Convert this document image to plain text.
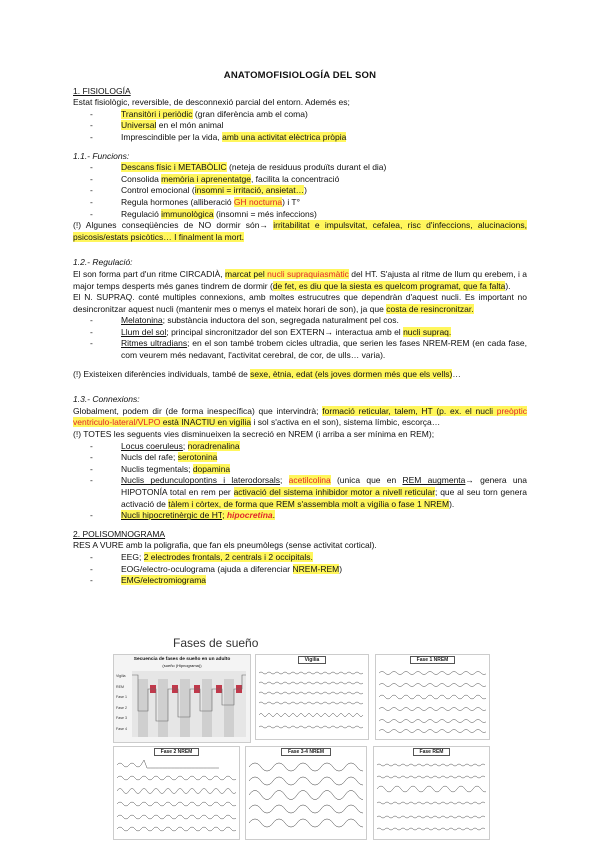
ANATOMOFISIOLOGÍA DEL SON
1. FISIOLOGÍA
Estat fisiològic, reversible, de desconnexió parcial del entorn. Ademés es;
- Transitòri i periòdic (gran diferència amb el coma)
- Universal en el món animal
- Imprescindible per la vida, amb una activitat elèctrica pròpia
1.1.- Funcions:
- Descans físic i METABÒLIC (neteja de residuus produïts durant el dia)
- Consolida memòria i aprenentatge, facilita la concentració
- Control emocional (insomni = irritació, ansietat…)
- Regula hormones (alliberació GH nocturna) i T°
- Regulació immunològica (insomni = més infeccions)
(!) Algunes conseqüències de NO dormir són→ irritabilitat e impulsvitat, cefalea, risc d'infeccions, alucinacions, psicosis/estats psicòtics… I finalment la mort.
1.2.- Regulació:
El son forma part d'un ritme CIRCADIÀ, marcat pel nucli supraquiasmàtic del HT. S'ajusta al ritme de llum qu erebem, i a major temps desperts més ganes tindrem de dormir (de fet, es diu que la siesta es quelcom programat, que fa falta).
El N. SUPRAQ. conté multiples connexions, amb moltes estrucutres que dependràn d'aquest nucli. Es important no desincronitzar aquest nucli (mantenir mes o menys el mateix horari de son), ja que costa de resincronitzar.
- Melatonina; substància inductora del son, segregada naturalment pel cos.
- Llum del sol; principal sincronitzador del son EXTERN→ interactua amb el nucli supraq.
- Ritmes ultradians; en el son també trobem cicles ultradia, que serien les fases NREM-REM (en cada fase, com veurem més nedavant, l'activitat cerebral, de cor, de ulls… varia).
(!) Existeixen diferències individuals, també de sexe, ètnia, edat (els joves dormen més que els vells)…
1.3.- Connexions:
Globalment, podem dir (de forma inespecífica) que intervindrà; formació reticular, talem, HT (p. ex. el nucli preòptic ventriculo-lateral/VLPO està INACTIU en vigília i sol s'activa en el son), sistema límbic, escorça…
(!) TOTES les seguents vies disminueixen la secreció en NREM (i arriba a ser mínima en REM);
- Locus coeruleus; noradrenalina
- Nucls del rafe; serotonina
- Nuclis tegmentals; dopamina
- Nuclis pedunculopontins i laterodorsals; acetilcolina (unica que en REM augmenta→ genera una HIPOTONÍA total en rem per activació del sistema inhibidor motor a nivell reticular; que al seu torn genera activació de tàlem i còrtex, de forma que REM s'assembla molt a vigília o fase 1 NREM).
- Nucli hipocretinèrgic de HT; hipocretina.
2. POLISOMNOGRAMA
RES A VURE amb la poligrafia, que fan els pneumòlegs (sense activitat cortical).
- EEG; 2 electrodes frontals, 2 centrals i 2 occipitals.
- EOG/electro-oculograma (ajuda a diferenciar NREM-REM)
- EMG/electromiograma
Fases de sueño
Secuencia de fases de sueño en un adulto
(sueño (Hipnograma))
Vigilia
REM
Fase 1
Fase 2
Fase 3
Fase 4
Vigilia	Fase 1 NREM
Fase 2 NREM	Fase 3-4 NREM	Fase REM
